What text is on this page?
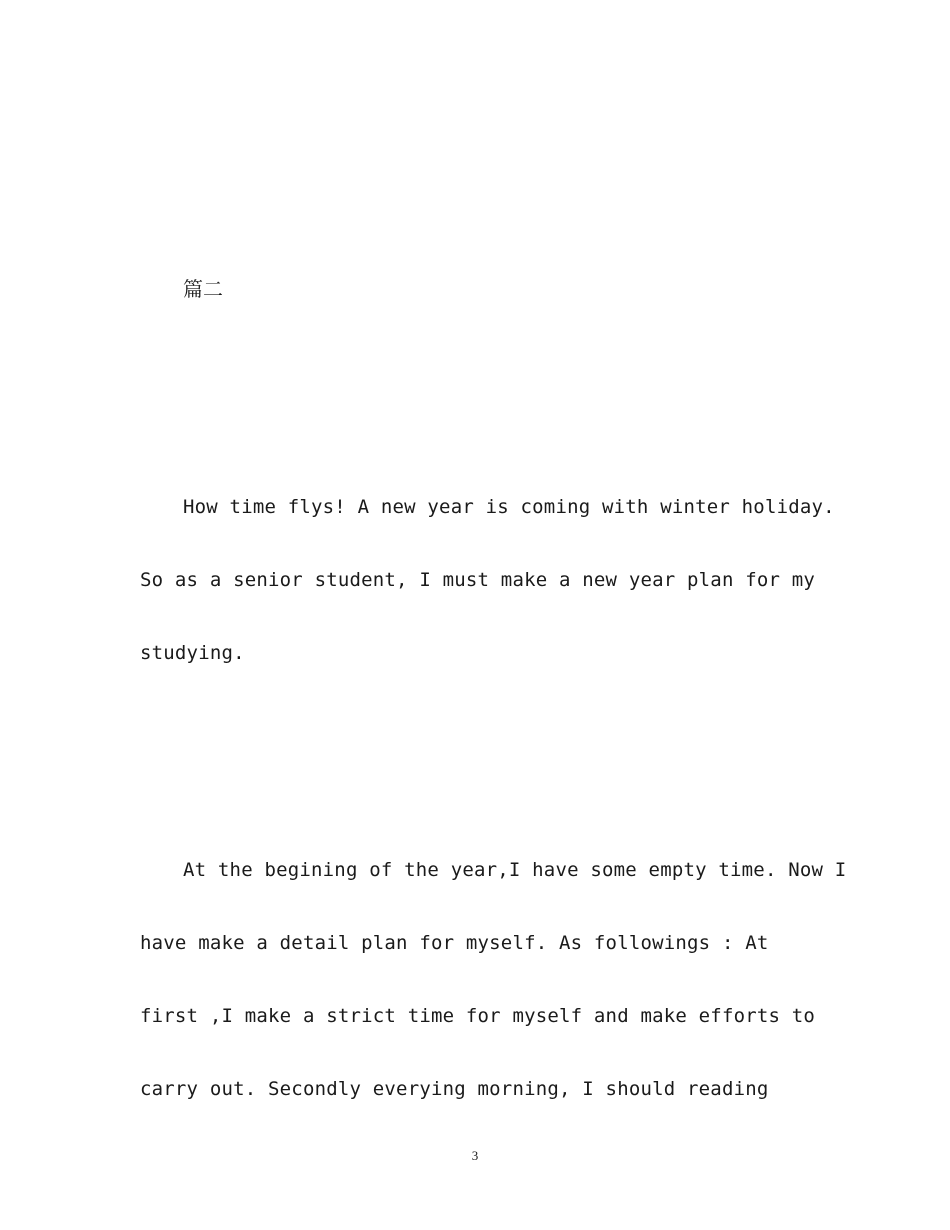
篇二
How time flys! A new year is coming with winter holiday.
So as a senior student, I must make a new year plan for my
studying.
At the begining of the year,I have some empty time. Now I
have make a detail plan for myself. As followings : At
first ,I make a strict time for myself and make efforts to
carry out. Secondly everying morning, I should reading
3
